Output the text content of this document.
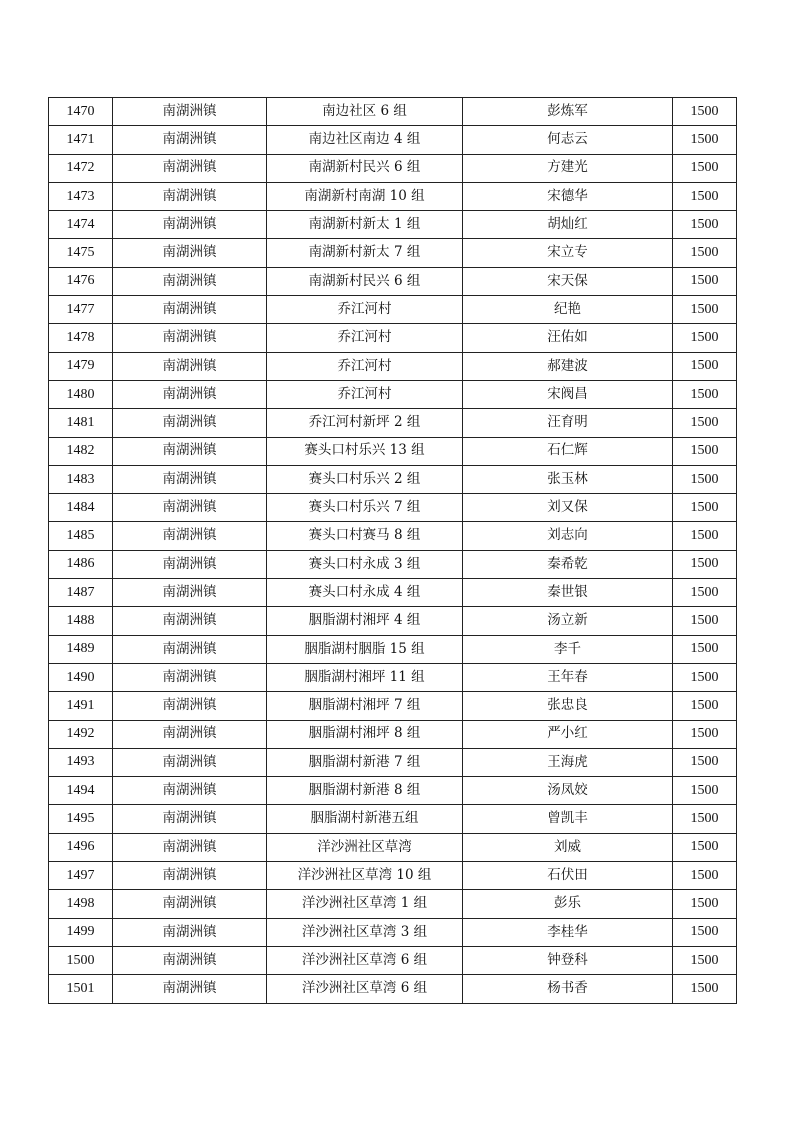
1470	南湖洲镇	南边社区 6 组	彭炼军	1500
1471	南湖洲镇	南边社区南边 4 组	何志云	1500
1472	南湖洲镇	南湖新村民兴 6 组	方建光	1500
1473	南湖洲镇	南湖新村南湖 10 组	宋德华	1500
1474	南湖洲镇	南湖新村新太 1 组	胡灿红	1500
1475	南湖洲镇	南湖新村新太 7 组	宋立专	1500
1476	南湖洲镇	南湖新村民兴 6 组	宋天保	1500
1477	南湖洲镇	乔江河村	纪艳	1500
1478	南湖洲镇	乔江河村	汪佑如	1500
1479	南湖洲镇	乔江河村	郝建波	1500
1480	南湖洲镇	乔江河村	宋阀昌	1500
1481	南湖洲镇	乔江河村新坪 2 组	汪育明	1500
1482	南湖洲镇	赛头口村乐兴 13 组	石仁辉	1500
1483	南湖洲镇	赛头口村乐兴 2 组	张玉林	1500
1484	南湖洲镇	赛头口村乐兴 7 组	刘又保	1500
1485	南湖洲镇	赛头口村赛马 8 组	刘志向	1500
1486	南湖洲镇	赛头口村永成 3 组	秦希乾	1500
1487	南湖洲镇	赛头口村永成 4 组	秦世银	1500
1488	南湖洲镇	胭脂湖村湘坪 4 组	汤立新	1500
1489	南湖洲镇	胭脂湖村胭脂 15 组	李千	1500
1490	南湖洲镇	胭脂湖村湘坪 11 组	王年春	1500
1491	南湖洲镇	胭脂湖村湘坪 7 组	张忠良	1500
1492	南湖洲镇	胭脂湖村湘坪 8 组	严小红	1500
1493	南湖洲镇	胭脂湖村新港 7 组	王海虎	1500
1494	南湖洲镇	胭脂湖村新港 8 组	汤凤姣	1500
1495	南湖洲镇	胭脂湖村新港五组	曾凯丰	1500
1496	南湖洲镇	洋沙洲社区草湾	刘威	1500
1497	南湖洲镇	洋沙洲社区草湾 10 组	石伏田	1500
1498	南湖洲镇	洋沙洲社区草湾 1 组	彭乐	1500
1499	南湖洲镇	洋沙洲社区草湾 3 组	李桂华	1500
1500	南湖洲镇	洋沙洲社区草湾 6 组	钟登科	1500
1501	南湖洲镇	洋沙洲社区草湾 6 组	杨书香	1500
